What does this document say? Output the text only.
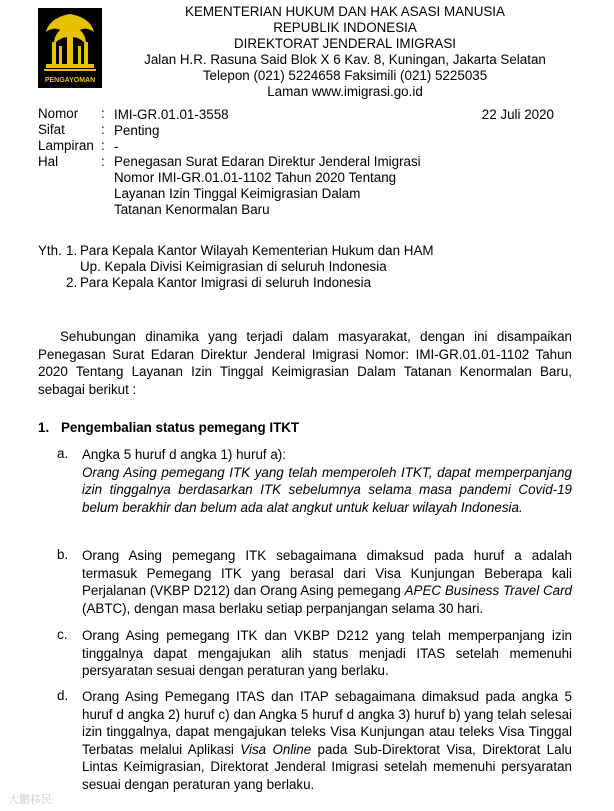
PENGAYOMAN
KEMENTERIAN HUKUM DAN HAK ASASI MANUSIA
REPUBLIK INDONESIA
DIREKTORAT JENDERAL IMIGRASI
Jalan H.R. Rasuna Said Blok X 6 Kav. 8, Kuningan, Jakarta Selatan
Telepon (021) 5224658 Faksimili (021) 5225035
Laman www.imigrasi.go.id
Nomor : IMI-GR.01.01-3558	22 Juli 2020
Sifat	: Penting
Lampiran : -
Hal	: Penegasan Surat Edaran Direktur Jenderal Imigrasi
Nomor IMI-GR.01.01-1102 Tahun 2020 Tentang
Layanan Izin Tinggal Keimigrasian Dalam
Tatanan Kenormalan Baru
Yth. 1. Para Kepala Kantor Wilayah Kementerian Hukum dan HAM
Up. Kepala Divisi Keimigrasian di seluruh Indonesia
2. Para Kepala Kantor Imigrasi di seluruh Indonesia
Sehubungan dinamika yang terjadi dalam masyarakat, dengan ini disampaikan Penegasan Surat Edaran Direktur Jenderal Imigrasi Nomor: IMI-GR.01.01-1102 Tahun 2020 Tentang Layanan Izin Tinggal Keimigrasian Dalam Tatanan Kenormalan Baru, sebagai berikut :
1. Pengembalian status pemegang ITKT
a. Angka 5 huruf d angka 1) huruf a):
Orang Asing pemegang ITK yang telah memperoleh ITKT, dapat memperpanjang izin tinggalnya berdasarkan ITK sebelumnya selama masa pandemi Covid-19 belum berakhir dan belum ada alat angkut untuk keluar wilayah Indonesia.
b. Orang Asing pemegang ITK sebagaimana dimaksud pada huruf a adalah termasuk Pemegang ITK yang berasal dari Visa Kunjungan Beberapa kali Perjalanan (VKBP D212) dan Orang Asing pemegang APEC Business Travel Card (ABTC), dengan masa berlaku setiap perpanjangan selama 30 hari.
c. Orang Asing pemegang ITK dan VKBP D212 yang telah memperpanjang izin tinggalnya dapat mengajukan alih status menjadi ITAS setelah memenuhi persyaratan sesuai dengan peraturan yang berlaku.
d. Orang Asing Pemegang ITAS dan ITAP sebagaimana dimaksud pada angka 5 huruf d angka 2) huruf c) dan Angka 5 huruf d angka 3) huruf b) yang telah selesai izin tinggalnya, dapat mengajukan teleks Visa Kunjungan atau teleks Visa Tinggal Terbatas melalui Aplikasi Visa Online pada Sub-Direktorat Visa, Direktorat Lalu Lintas Keimigrasian, Direktorat Jenderal Imigrasi setelah memenuhi persyaratan sesuai dengan peraturan yang berlaku.
大鹏移民
